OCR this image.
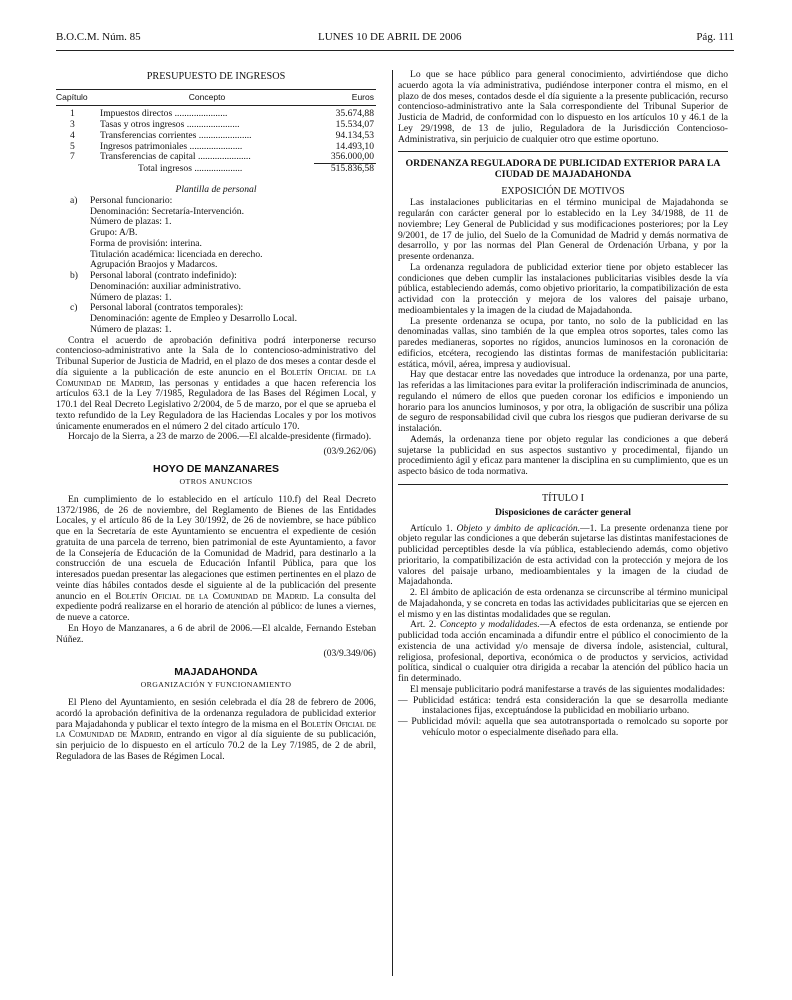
B.O.C.M. Núm. 85	LUNES 10 DE ABRIL DE 2006	Pág. 111
PRESUPUESTO DE INGRESOS
Capítulo	Concepto	Euros

1	Impuestos directos ......................	35.674,88
3	Tasas y otros ingresos ......................	15.534,07
4	Transferencias corrientes ......................	94.134,53
5	Ingresos patrimoniales ......................	14.493,10
7	Transferencias de capital ......................	356.000,00
	Total ingresos ....................	515.836,58
Plantilla de personal
a) Personal funcionario:
Denominación: Secretaría-Intervención.
Número de plazas: 1.
Grupo: A/B.
Forma de provisión: interina.
Titulación académica: licenciada en derecho.
Agrupación Braojos y Madarcos.
b) Personal laboral (contrato indefinido):
Denominación: auxiliar administrativo.
Número de plazas: 1.
c) Personal laboral (contratos temporales):
Denominación: agente de Empleo y Desarrollo Local.
Número de plazas: 1.
Contra el acuerdo de aprobación definitiva podrá interponerse recurso contencioso-administrativo ante la Sala de lo contencioso-administrativo del Tribunal Superior de Justicia de Madrid, en el plazo de dos meses a contar desde el día siguiente a la publicación de este anuncio en el Boletín Oficial de la Comunidad de Madrid, las personas y entidades a que hacen referencia los artículos 63.1 de la Ley 7/1985, Reguladora de las Bases del Régimen Local, y 170.1 del Real Decreto Legislativo 2/2004, de 5 de marzo, por el que se aprueba el texto refundido de la Ley Reguladora de las Haciendas Locales y por los motivos únicamente enumerados en el número 2 del citado artículo 170.
Horcajo de la Sierra, a 23 de marzo de 2006.—El alcalde-presidente (firmado).
(03/9.262/06)
HOYO DE MANZANARES
OTROS ANUNCIOS
En cumplimiento de lo establecido en el artículo 110.f) del Real Decreto 1372/1986, de 26 de noviembre, del Reglamento de Bienes de las Entidades Locales, y el artículo 86 de la Ley 30/1992, de 26 de noviembre, se hace público que en la Secretaría de este Ayuntamiento se encuentra el expediente de cesión gratuita de una parcela de terreno, bien patrimonial de este Ayuntamiento, a favor de la Consejería de Educación de la Comunidad de Madrid, para destinarlo a la construcción de una escuela de Educación Infantil Pública, para que los interesados puedan presentar las alegaciones que estimen pertinentes en el plazo de veinte días hábiles contados desde el siguiente al de la publicación del presente anuncio en el Boletín Oficial de la Comunidad de Madrid. La consulta del expediente podrá realizarse en el horario de atención al público: de lunes a viernes, de nueve a catorce.
En Hoyo de Manzanares, a 6 de abril de 2006.—El alcalde, Fernando Esteban Núñez.
(03/9.349/06)
MAJADAHONDA
ORGANIZACIÓN Y FUNCIONAMIENTO
El Pleno del Ayuntamiento, en sesión celebrada el día 28 de febrero de 2006, acordó la aprobación definitiva de la ordenanza reguladora de publicidad exterior para Majadahonda y publicar el texto íntegro de la misma en el Boletín Oficial de la Comunidad de Madrid, entrando en vigor al día siguiente de su publicación, sin perjuicio de lo dispuesto en el artículo 70.2 de la Ley 7/1985, de 2 de abril, Reguladora de las Bases de Régimen Local.
Lo que se hace público para general conocimiento, advirtiéndose que dicho acuerdo agota la vía administrativa, pudiéndose interponer contra el mismo, en el plazo de dos meses, contados desde el día siguiente a la presente publicación, recurso contencioso-administrativo ante la Sala correspondiente del Tribunal Superior de Justicia de Madrid, de conformidad con lo dispuesto en los artículos 10 y 46.1 de la Ley 29/1998, de 13 de julio, Reguladora de la Jurisdicción Contencioso-Administrativa, sin perjuicio de cualquier otro que estime oportuno.
ORDENANZA REGULADORA DE PUBLICIDAD EXTERIOR PARA LA CIUDAD DE MAJADAHONDA
EXPOSICIÓN DE MOTIVOS
Las instalaciones publicitarias en el término municipal de Majadahonda se regularán con carácter general por lo establecido en la Ley 34/1988, de 11 de noviembre; Ley General de Publicidad y sus modificaciones posteriores; por la Ley 9/2001, de 17 de julio, del Suelo de la Comunidad de Madrid y demás normativa de desarrollo, y por las normas del Plan General de Ordenación Urbana, y por la presente ordenanza.
La ordenanza reguladora de publicidad exterior tiene por objeto establecer las condiciones que deben cumplir las instalaciones publicitarias visibles desde la vía pública, estableciendo además, como objetivo prioritario, la compatibilización de esta actividad con la protección y mejora de los valores del paisaje urbano, medioambientales y la imagen de la ciudad de Majadahonda.
La presente ordenanza se ocupa, por tanto, no solo de la publicidad en las denominadas vallas, sino también de la que emplea otros soportes, tales como las paredes medianeras, soportes no rígidos, anuncios luminosos en la coronación de edificios, etcétera, recogiendo las distintas formas de manifestación publicitaria: estática, móvil, aérea, impresa y audiovisual.
Hay que destacar entre las novedades que introduce la ordenanza, por una parte, las referidas a las limitaciones para evitar la proliferación indiscriminada de anuncios, regulando el número de ellos que pueden coronar los edificios e imponiendo un horario para los anuncios luminosos, y por otra, la obligación de suscribir una póliza de seguro de responsabilidad civil que cubra los riesgos que pudieran derivarse de su instalación.
Además, la ordenanza tiene por objeto regular las condiciones a que deberá sujetarse la publicidad en sus aspectos sustantivo y procedimental, fijando un procedimiento ágil y eficaz para mantener la disciplina en su cumplimiento, que es un aspecto básico de toda normativa.
TÍTULO I
Disposiciones de carácter general
Artículo 1. Objeto y ámbito de aplicación.—1. La presente ordenanza tiene por objeto regular las condiciones a que deberán sujetarse las distintas manifestaciones de publicidad perceptibles desde la vía pública, estableciendo además, como objetivo prioritario, la compatibilización de esta actividad con la protección y mejora de los valores del paisaje urbano, medioambientales y la imagen de la ciudad de Majadahonda.
2. El ámbito de aplicación de esta ordenanza se circunscribe al término municipal de Majadahonda, y se concreta en todas las actividades publicitarias que se ejercen en el mismo y en las distintas modalidades que se regulan.
Art. 2. Concepto y modalidades.—A efectos de esta ordenanza, se entiende por publicidad toda acción encaminada a difundir entre el público el conocimiento de la existencia de una actividad y/o mensaje de diversa índole, asistencial, cultural, religiosa, profesional, deportiva, económica o de productos y servicios, actividad política, sindical o cualquier otra dirigida a recabar la atención del público hacia un fin determinado.
El mensaje publicitario podrá manifestarse a través de las siguientes modalidades:
— Publicidad estática: tendrá esta consideración la que se desarrolla mediante instalaciones fijas, exceptuándose la publicidad en mobiliario urbano.
— Publicidad móvil: aquella que sea autotransportada o remolcado su soporte por vehículo motor o especialmente diseñado para ella.
